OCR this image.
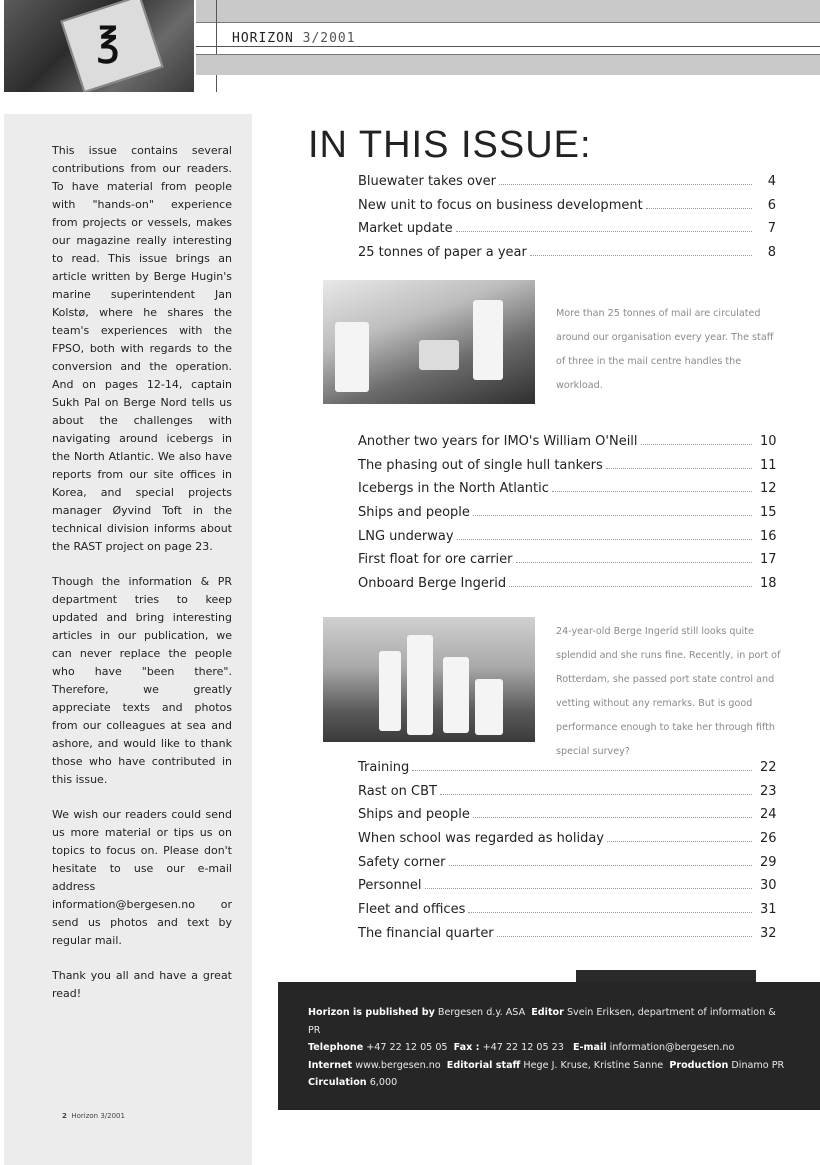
℥	HORIZON 3/2001

This issue contains several contributions from our readers. To have material from people with "hands-on" experience from projects or vessels, makes our magazine really interesting to read. This issue brings an article written by Berge Hugin's marine superintendent Jan Kolstø, where he shares the team's experiences with the FPSO, both with regards to the conversion and the operation. And on pages 12-14, captain Sukh Pal on Berge Nord tells us about the challenges with navigating around icebergs in the North Atlantic. We also have reports from our site offices in Korea, and special projects manager Øyvind Toft in the technical division informs about the RAST project on page 23.

Though the information & PR department tries to keep updated and bring interesting articles in our publication, we can never replace the people who have "been there". Therefore, we greatly appreciate texts and photos from our colleagues at sea and ashore, and would like to thank those who have contributed in this issue.

We wish our readers could send us more material or tips us on topics to focus on. Please don't hesitate to use our e-mail address information@bergesen.no or send us photos and text by regular mail.

Thank you all and have a great read!

2 Horizon 3/2001
IN THIS ISSUE:
Bluewater takes over	4
New unit to focus on business development	6
Market update	7
25 tonnes of paper a year	8
More than 25 tonnes of mail are circulated around our organisation every year. The staff of three in the mail centre handles the workload.
Another two years for IMO's William O'Neill	10
The phasing out of single hull tankers	11
Icebergs in the North Atlantic	12
Ships and people	15
LNG underway	16
First float for ore carrier	17
Onboard Berge Ingerid	18
24-year-old Berge Ingerid still looks quite splendid and she runs fine. Recently, in port of Rotterdam, she passed port state control and vetting without any remarks. But is good performance enough to take her through fifth special survey?
Training	22
Rast on CBT	23
Ships and people	24
When school was regarded as holiday	26
Safety corner	29
Personnel	30
Fleet and offices	31
The financial quarter	32
Horizon is published by Bergesen d.y. ASA Editor Svein Eriksen, department of information & PR
Telephone +47 22 12 05 05 Fax : +47 22 12 05 23 E-mail information@bergesen.no
Internet www.bergesen.no Editorial staff Hege J. Kruse, Kristine Sanne Production Dinamo PR
Circulation 6,000
